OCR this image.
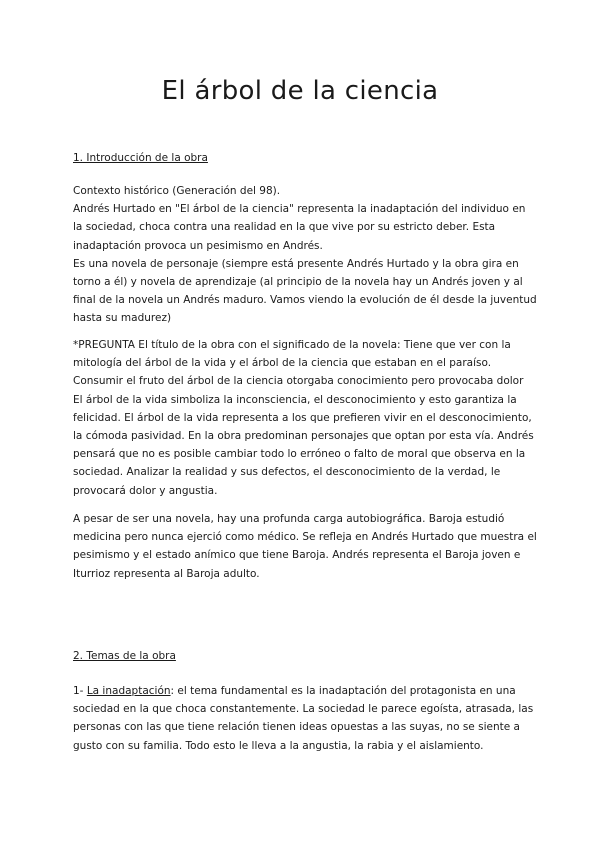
El árbol de la ciencia

1. Introducción de la obra

Contexto histórico (Generación del 98).
Andrés Hurtado en "El árbol de la ciencia" representa la inadaptación del individuo en
la sociedad, choca contra una realidad en la que vive por su estricto deber. Esta
inadaptación provoca un pesimismo en Andrés.
Es una novela de personaje (siempre está presente Andrés Hurtado y la obra gira en
torno a él) y novela de aprendizaje (al principio de la novela hay un Andrés joven y al
final de la novela un Andrés maduro. Vamos viendo la evolución de él desde la juventud
hasta su madurez)
*PREGUNTA El título de la obra con el significado de la novela: Tiene que ver con la
mitología del árbol de la vida y el árbol de la ciencia que estaban en el paraíso.
Consumir el fruto del árbol de la ciencia otorgaba conocimiento pero provocaba dolor
El árbol de la vida simboliza la inconsciencia, el desconocimiento y esto garantiza la
felicidad. El árbol de la vida representa a los que prefieren vivir en el desconocimiento,
la cómoda pasividad. En la obra predominan personajes que optan por esta vía. Andrés
pensará que no es posible cambiar todo lo erróneo o falto de moral que observa en la
sociedad. Analizar la realidad y sus defectos, el desconocimiento de la verdad, le
provocará dolor y angustia.
A pesar de ser una novela, hay una profunda carga autobiográfica. Baroja estudió
medicina pero nunca ejerció como médico. Se refleja en Andrés Hurtado que muestra el
pesimismo y el estado anímico que tiene Baroja. Andrés representa el Baroja joven e
Iturrioz representa al Baroja adulto.

2. Temas de la obra

1- La inadaptación: el tema fundamental es la inadaptación del protagonista en una
sociedad en la que choca constantemente. La sociedad le parece egoísta, atrasada, las
personas con las que tiene relación tienen ideas opuestas a las suyas, no se siente a
gusto con su familia. Todo esto le lleva a la angustia, la rabia y el aislamiento.
